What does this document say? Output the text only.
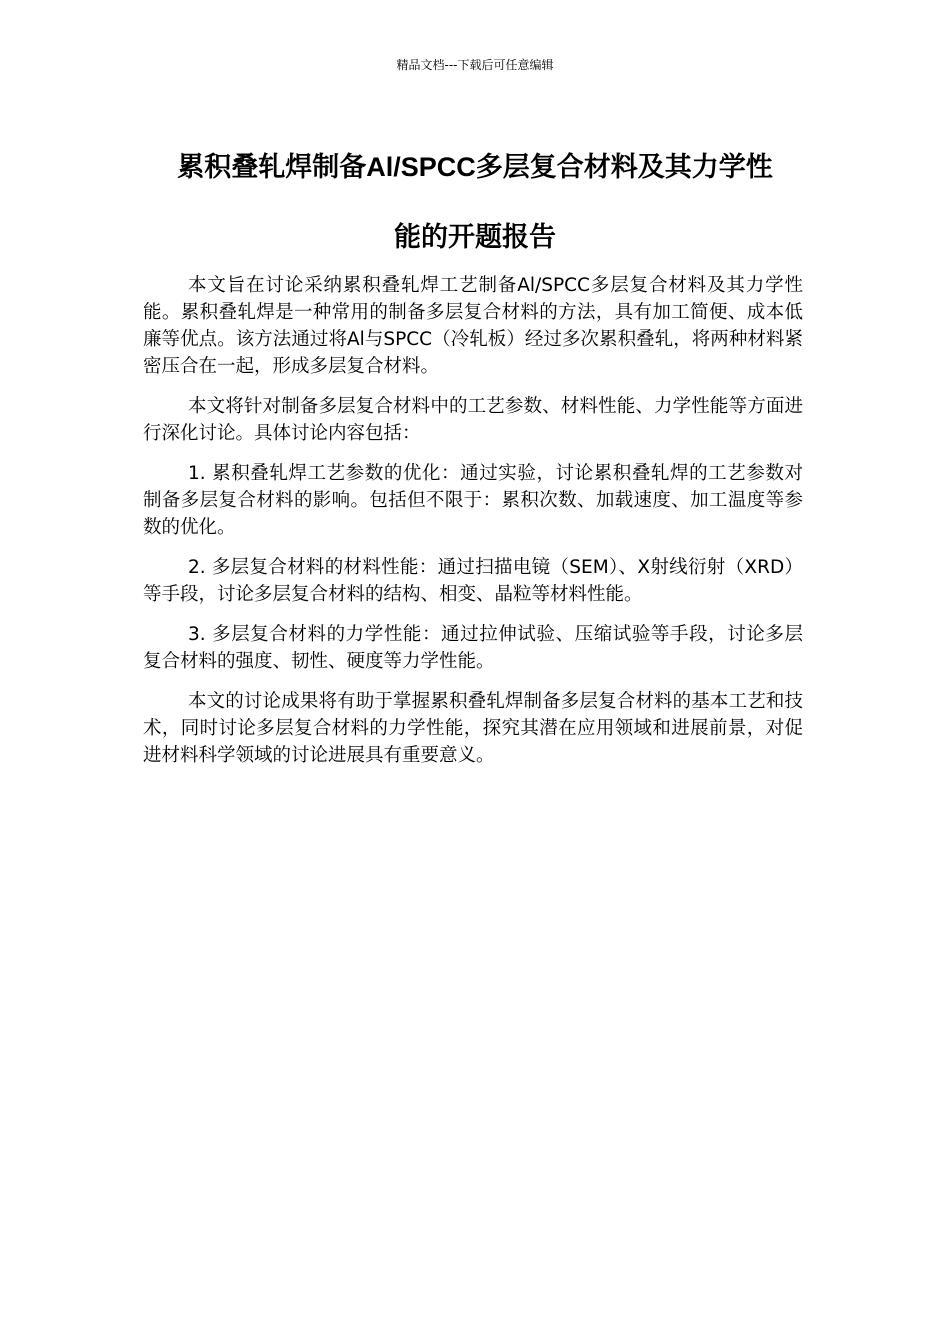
精品文档---下载后可任意编辑
累积叠轧焊制备Al/SPCC多层复合材料及其力学性
能的开题报告

本文旨在讨论采纳累积叠轧焊工艺制备Al/SPCC多层复合材料及其力学性能。累积叠轧焊是一种常用的制备多层复合材料的方法，具有加工简便、成本低廉等优点。该方法通过将Al与SPCC（冷轧板）经过多次累积叠轧，将两种材料紧密压合在一起，形成多层复合材料。

本文将针对制备多层复合材料中的工艺参数、材料性能、力学性能等方面进行深化讨论。具体讨论内容包括：

1. 累积叠轧焊工艺参数的优化：通过实验，讨论累积叠轧焊的工艺参数对制备多层复合材料的影响。包括但不限于：累积次数、加载速度、加工温度等参数的优化。

2. 多层复合材料的材料性能：通过扫描电镜（SEM）、X射线衍射（XRD）等手段，讨论多层复合材料的结构、相变、晶粒等材料性能。

3. 多层复合材料的力学性能：通过拉伸试验、压缩试验等手段，讨论多层复合材料的强度、韧性、硬度等力学性能。

本文的讨论成果将有助于掌握累积叠轧焊制备多层复合材料的基本工艺和技术，同时讨论多层复合材料的力学性能，探究其潜在应用领域和进展前景，对促进材料科学领域的讨论进展具有重要意义。
